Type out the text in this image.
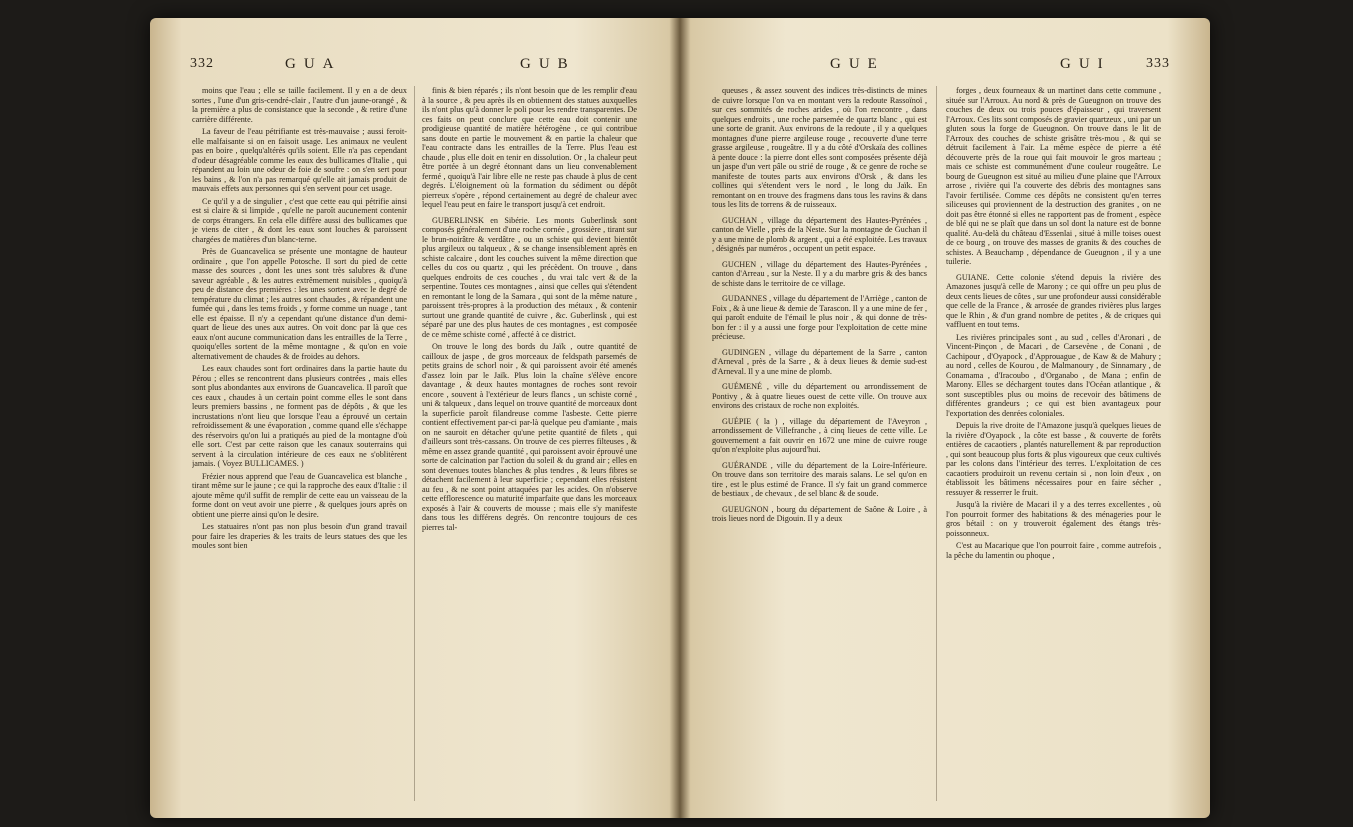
332	GUA	GUB

moins que l'eau ; elle se taille facilement. Il y en a de deux sortes , l'une d'un gris-cendré-clair , l'autre d'un jaune-orangé , & la première a plus de consistance que la seconde , & retire d'une carrière différente.

La faveur de l'eau pétrifiante est très-mauvaise ; aussi feroit-elle malfaisante si on en faisoit usage. Les animaux ne veulent pas en boire , quelqu'altérés qu'ils soient. Elle n'a pas cependant d'odeur désagréable comme les eaux des bullicames d'Italie , qui répandent au loin une odeur de foie de soufre : on s'en sert pour les bains , & l'on n'a pas remarqué qu'elle ait jamais produit de mauvais effets aux personnes qui s'en servent pour cet usage.

Ce qu'il y a de singulier , c'est que cette eau qui pétrifie ainsi est si claire & si limpide , qu'elle ne paroît aucunement contenir de corps étrangers. En cela elle diffère aussi des bullicames que je viens de citer , & dont les eaux sont louches & paroissent chargées de matières d'un blanc-terne.

Près de Guancavelica se présente une montagne de hauteur ordinaire , que l'on appelle Potosche. Il sort du pied de cette masse des sources , dont les unes sont très salubres & d'une saveur agréable , & les autres extrêmement nuisibles , quoiqu'à peu de distance des premières : les unes sortent avec le degré de température du climat ; les autres sont chaudes , & répandent une fumée qui , dans les tems froids , y forme comme un nuage , tant elle est épaisse. Il n'y a cependant qu'une distance d'un demi-quart de lieue des unes aux autres. On voit donc par là que ces eaux n'ont aucune communication dans les entrailles de la Terre , quoiqu'elles sortent de la même montagne , & qu'on en voie alternativement de chaudes & de froides au dehors.

Les eaux chaudes sont fort ordinaires dans la partie haute du Pérou ; elles se rencontrent dans plusieurs contrées , mais elles sont plus abondantes aux environs de Guancavelica. Il paroît que ces eaux , chaudes à un certain point comme elles le sont dans leurs premiers bassins , ne forment pas de dépôts , & que les incrustations n'ont lieu que lorsque l'eau a éprouvé un certain refroidissement & une évaporation , comme quand elle s'échappe des réservoirs qu'on lui a pratiqués au pied de la montagne d'où elle sort. C'est par cette raison que les canaux souterrains qui servent à la circulation intérieure de ces eaux ne s'oblitèrent jamais. ( Voyez BULLICAMES. )

Frézier nous apprend que l'eau de Guancavelica est blanche , tirant même sur le jaune ; ce qui la rapproche des eaux d'Italie : il ajoute même qu'il suffit de remplir de cette eau un vaisseau de la forme dont on veut avoir une pierre , & quelques jours après on obtient une pierre ainsi qu'on le desire.

Les statuaires n'ont pas non plus besoin d'un grand travail pour faire les draperies & les traits de leurs statues des que les moules sont bien

finis & bien réparés ; ils n'ont besoin que de les remplir d'eau à la source , & peu après ils en obtiennent des statues auxquelles ils n'ont plus qu'à donner le poli pour les rendre transparentes. De ces faits on peut conclure que cette eau doit contenir une prodigieuse quantité de matière hétérogène , ce qui contribue sans doute en partie le mouvement & en partie la chaleur que l'eau contracte dans les entrailles de la Terre. Plus l'eau est chaude , plus elle doit en tenir en dissolution. Or , la chaleur peut être portée à un degré étonnant dans un lieu convenablement fermé , quoiqu'à l'air libre elle ne reste pas chaude à plus de cent degrés. L'éloignement où la formation du sédiment ou dépôt pierreux s'opère , répond certainement au degré de chaleur avec lequel l'eau peut en faire le transport jusqu'à cet endroit.

GUBERLINSK en Sibérie. Les monts Guberlinsk sont composés généralement d'une roche cornée , grossière , tirant sur le brun-noirâtre & verdâtre , ou un schiste qui devient bientôt plus argileux ou talqueux , & se change insensiblement après en schiste calcaire , dont les couches suivent la même direction que celles du cos ou quartz , qui les précèdent. On trouve , dans quelques endroits de ces couches , du vrai talc vert & de la serpentine. Toutes ces montagnes , ainsi que celles qui s'étendent en remontant le long de la Samara , qui sont de la même nature , paroissent très-propres à la production des métaux , & contenir surtout une grande quantité de cuivre , &c. Guberlinsk , qui est séparé par une des plus hautes de ces montagnes , est composée de ce même schiste corné , affecté à ce district.

On trouve le long des bords du Jaïk , outre quantité de cailloux de jaspe , de gros morceaux de feldspath parsemés de petits grains de schorl noir , & qui paroissent avoir été amenés d'assez loin par le Jaïk. Plus loin la chaîne s'élève encore davantage , & deux hautes montagnes de roches sont revoir encore , souvent à l'extérieur de leurs flancs , un schiste corné , uni & talqueux , dans lequel on trouve quantité de morceaux dont la superficie paroît filandreuse comme l'asbeste. Cette pierre contient effectivement par-ci par-là quelque peu d'amiante , mais on ne sauroit en détacher qu'une petite quantité de filets , qui d'ailleurs sont très-cassans. On trouve de ces pierres filteuses , & même en assez grande quantité , qui paroissent avoir éprouvé une sorte de calcination par l'action du soleil & du grand air ; elles en sont devenues toutes blanches & plus tendres , & leurs fibres se détachent facilement à leur superficie ; cependant elles résistent au feu , & ne sont point attaquées par les acides. On n'observe cette efflorescence ou maturité imparfaite que dans les morceaux exposés à l'air & couverts de mousse ; mais elle s'y manifeste dans tous les différens degrés. On rencontre toujours de ces pierres tal-

GUE	GUI	333

queuses , & assez souvent des indices très-distincts de mines de cuivre lorsque l'on va en montant vers la redoute Rassoïnoï , sur ces sommités de roches arides , où l'on rencontre , dans quelques endroits , une roche parsemée de quartz blanc , qui est une sorte de granit. Aux environs de la redoute , il y a quelques montagnes d'une pierre argileuse rouge , recouverte d'une terre grasse argileuse , rougeâtre. Il y a du côté d'Orskaïa des collines à pente douce : la pierre dont elles sont composées présente déjà un jaspe d'un vert pâle ou strié de rouge , & ce genre de roche se manifeste de toutes parts aux environs d'Orsk , & dans les collines qui s'étendent vers le nord , le long du Jaïk. En remontant on en trouve des fragmens dans tous les ravins & dans tous les lits de torrens & de ruisseaux.

GUCHAN , village du département des Hautes-Pyrénées , canton de Vielle , près de la Neste. Sur la montagne de Guchan il y a une mine de plomb & argent , qui a été exploitée. Les travaux , désignés par numéros , occupent un petit espace.

GUCHEN , village du département des Hautes-Pyrénées , canton d'Arreau , sur la Neste. Il y a du marbre gris & des bancs de schiste dans le territoire de ce village.

GUDANNES , village du département de l'Arriège , canton de Foix , & à une lieue & demie de Tarascon. Il y a une mine de fer , qui paroît enduite de l'émail le plus noir , & qui donne de très-bon fer : il y a aussi une forge pour l'exploitation de cette mine précieuse.

GUDINGEN , village du département de la Sarre , canton d'Arneval , près de la Sarre , & à deux lieues & demie sud-est d'Arneval. Il y a une mine de plomb.

GUÉMENÉ , ville du département ou arrondissement de Pontivy , & à quatre lieues ouest de cette ville. On trouve aux environs des cristaux de roche non exploités.

GUÉPIE ( la ) , village du département de l'Aveyron , arrondissement de Villefranche , à cinq lieues de cette ville. Le gouvernement a fait ouvrir en 1672 une mine de cuivre rouge qu'on n'exploite plus aujourd'hui.

GUÉRANDE , ville du département de la Loire-Inférieure. On trouve dans son territoire des marais salans. Le sel qu'on en tire , est le plus estimé de France. Il s'y fait un grand commerce de bestiaux , de chevaux , de sel blanc & de soude.

GUEUGNON , bourg du département de Saône & Loire , à trois lieues nord de Digouin. Il y a deux

forges , deux fourneaux & un martinet dans cette commune , située sur l'Arroux. Au nord & près de Gueugnon on trouve des couches de deux ou trois pouces d'épaisseur , qui traversent l'Arroux. Ces lits sont composés de gravier quartzeux , uni par un gluten sous la forge de Gueugnon. On trouve dans le lit de l'Arroux des couches de schiste grisâtre très-mou , & qui se détruit facilement à l'air. La même espèce de pierre a été découverte près de la roue qui fait mouvoir le gros marteau ; mais ce schiste est communément d'une couleur rougeâtre. Le bourg de Gueugnon est situé au milieu d'une plaine que l'Arroux arrose , rivière qui l'a couverte des débris des montagnes sans l'avoir fertilisée. Comme ces dépôts ne consistent qu'en terres siliceuses qui proviennent de la destruction des granites , on ne doit pas être étonné si elles ne rapportent pas de froment , espèce de blé qui ne se plaît que dans un sol dont la nature est de bonne qualité. Au-delà du château d'Essenlai , situé à mille toises ouest de ce bourg , on trouve des masses de granits & des couches de schistes. A Beauchamp , dépendance de Gueugnon , il y a une tuilerie.

GUIANE. Cette colonie s'étend depuis la rivière des Amazones jusqu'à celle de Marony ; ce qui offre un peu plus de deux cents lieues de côtes , sur une profondeur aussi considérable que celle de la France , & arrosée de grandes rivières plus larges que le Rhin , & d'un grand nombre de petites , & de criques qui vaffluent en tout tems.

Les rivières principales sont , au sud , celles d'Aronari , de Vincent-Pinçon , de Macari , de Carsevène , de Conani , de Cachipour , d'Oyapock , d'Approuague , de Kaw & de Mahury ; au nord , celles de Kourou , de Malmanoury , de Sinnamary , de Conamama , d'Iracoubo , d'Organabo , de Mana ; enfin de Marony. Elles se déchargent toutes dans l'Océan atlantique , & sont susceptibles plus ou moins de recevoir des bâtimens de différentes grandeurs ; ce qui est bien avantageux pour l'exportation des denrées coloniales.

Depuis la rive droite de l'Amazone jusqu'à quelques lieues de la rivière d'Oyapock , la côte est basse , & couverte de forêts entières de cacaotiers , plantés naturellement & par reproduction , qui sont beaucoup plus forts & plus vigoureux que ceux cultivés par les colons dans l'intérieur des terres. L'exploitation de ces cacaotiers produiroit un revenu certain si , non loin d'eux , on établissoit les bâtimens nécessaires pour en faire sécher , ressuyer & resserrer le fruit.

Jusqu'à la rivière de Macari il y a des terres excellentes , où l'on pourroit former des habitations & des ménageries pour le gros bétail : on y trouveroit également des étangs très-poissonneux.

C'est au Macarique que l'on pourroit faire , comme autrefois , la pêche du lamentin ou phoque ,
